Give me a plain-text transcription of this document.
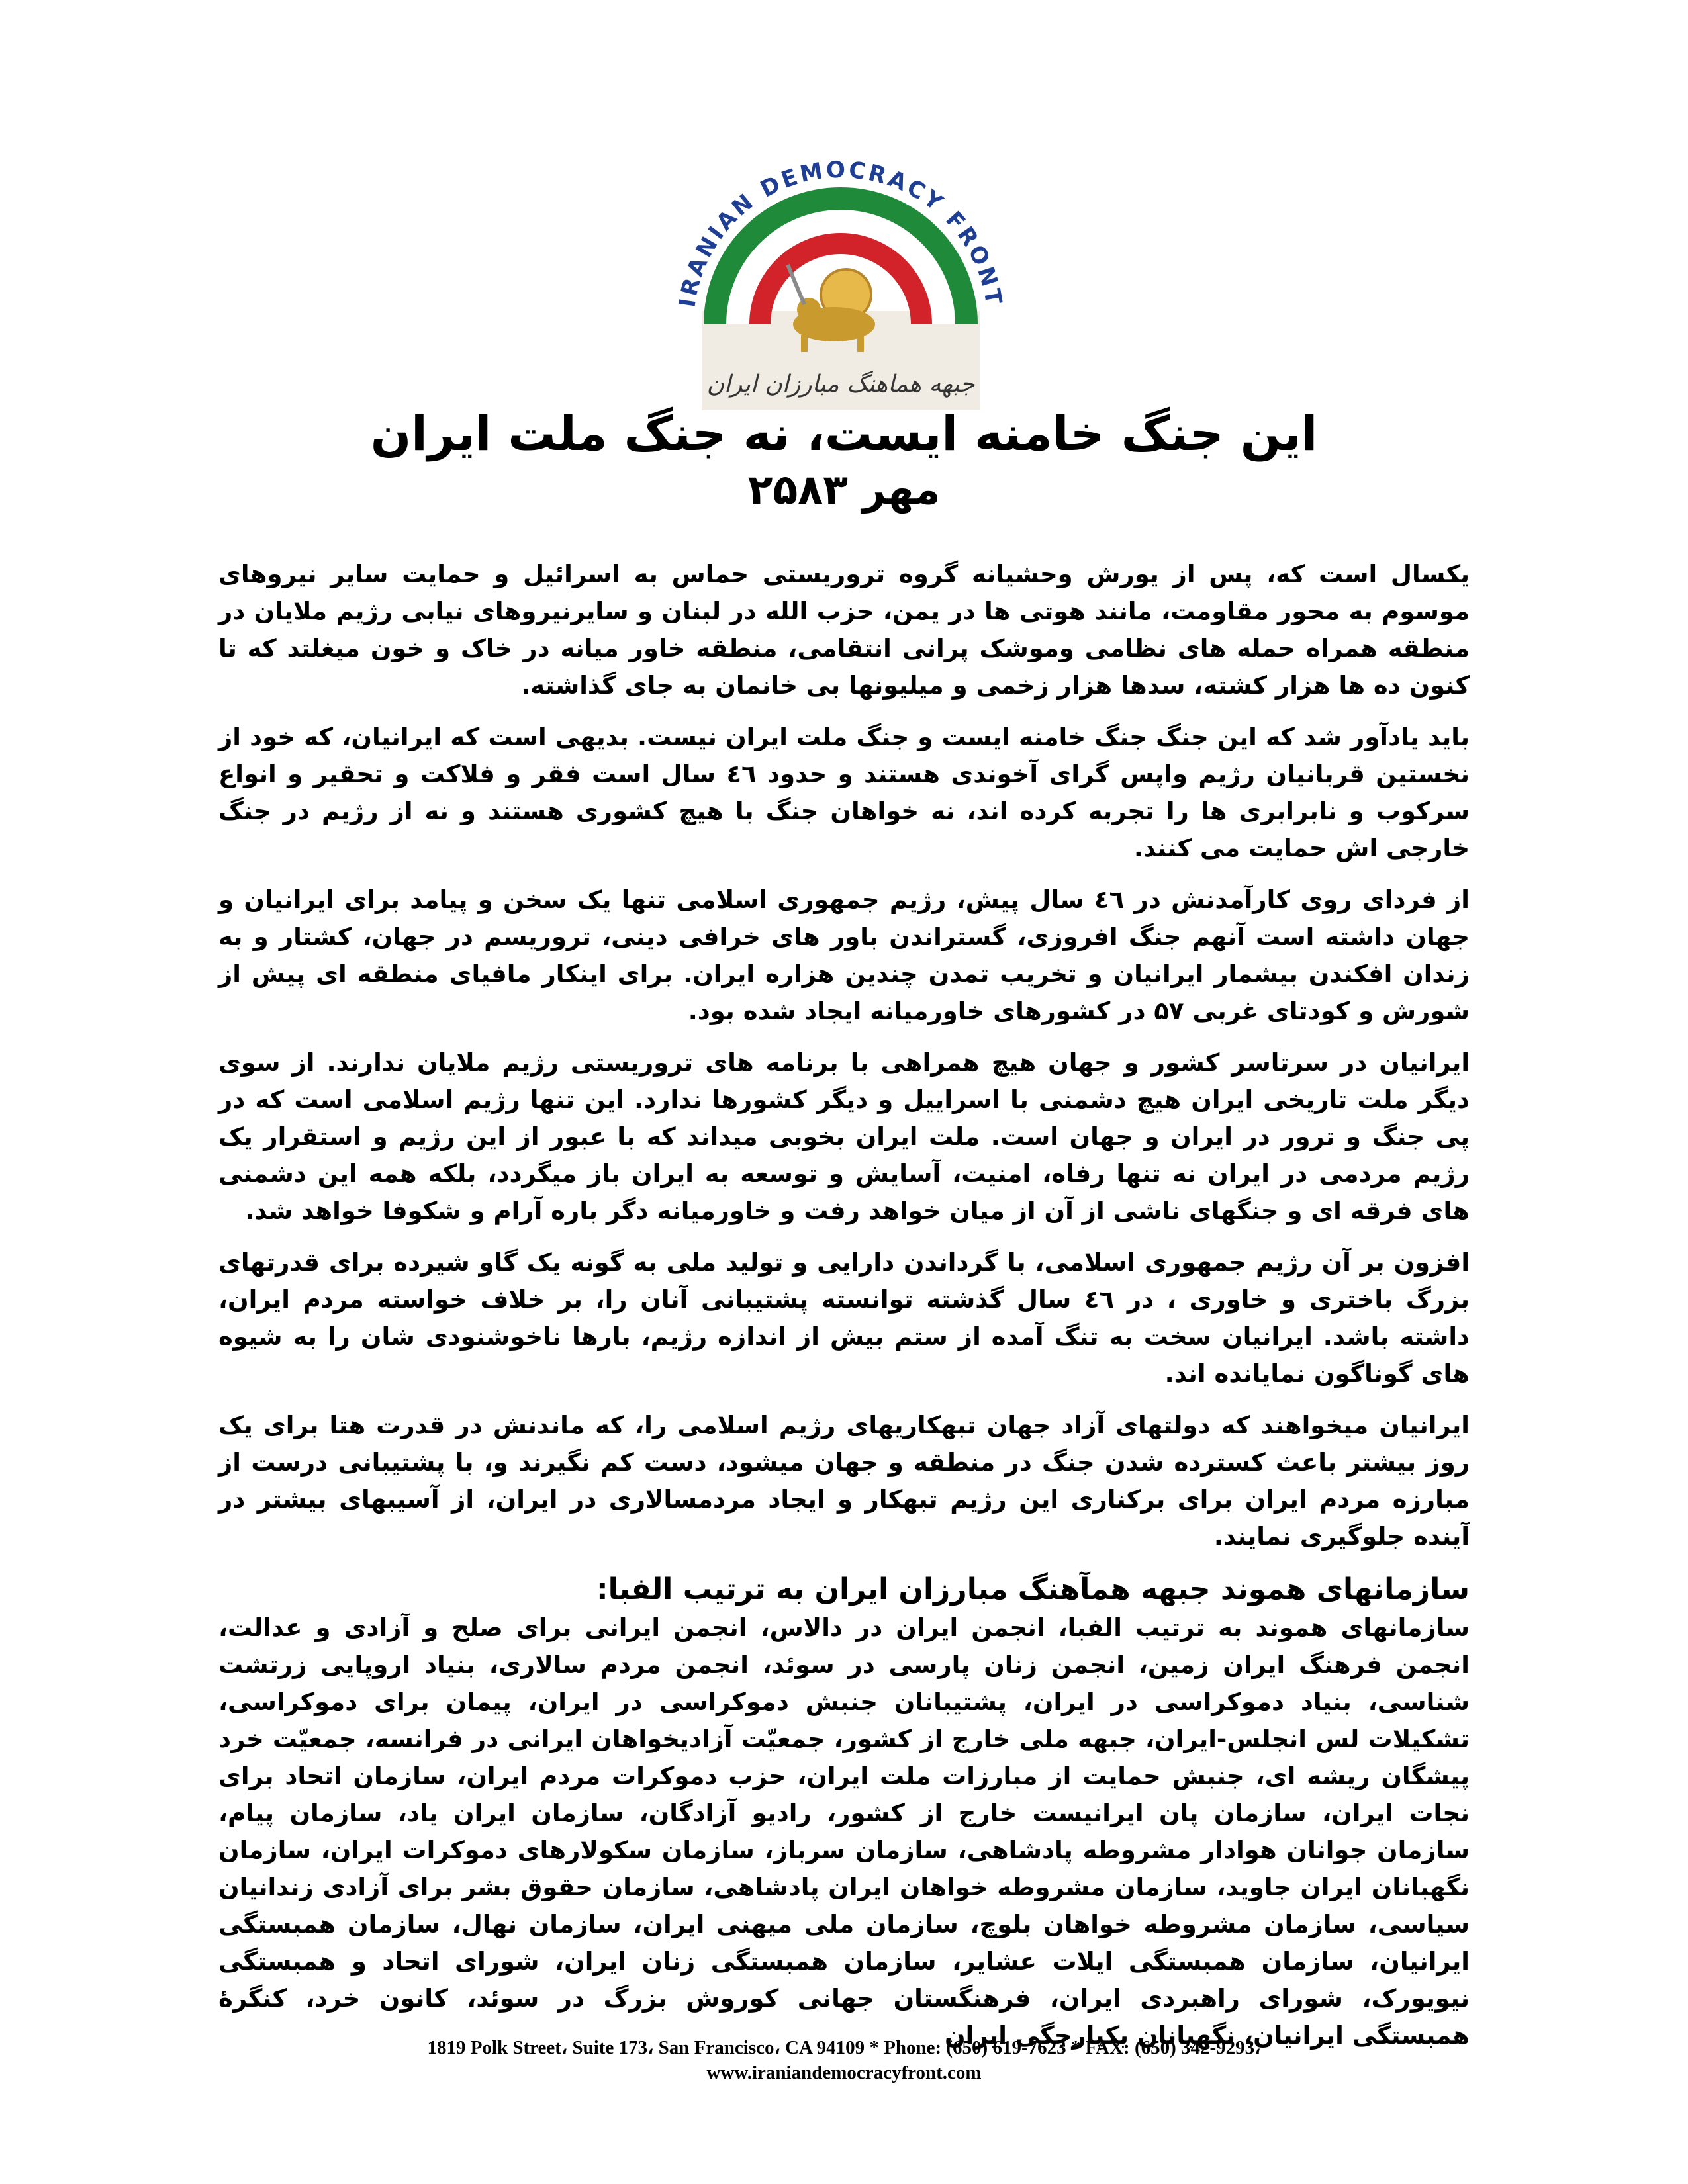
IRANIAN DEMOCRACY FRONT
جبهه هماهنگ مبارزان ایران
این جنگ خامنه ایست، نه جنگ ملت ایران
مهر ۲۵۸۳

یکسال است که، پس از یورش وحشیانه گروه تروریستی حماس به اسرائیل و حمایت سایر نیروهای موسوم به محور مقاومت، مانند هوتی ها در یمن، حزب الله در لبنان و سایرنیروهای نیابی رژیم ملایان در منطقه همراه حمله های نظامی وموشک پرانی انتقامی، منطقه خاور میانه در خاک و خون میغلتد که تا کنون ده ها هزار کشته، سدها هزار زخمی و میلیونها بی خانمان به جای گذاشته.

باید یادآور شد که این جنگ جنگ خامنه ایست و جنگ ملت ایران نیست. بدیهی است که ایرانیان، که خود از نخستین قربانیان رژیم واپس گرای آخوندی هستند و حدود ٤٦ سال است فقر و فلاکت و تحقیر و انواع سرکوب و نابرابری ها را تجربه کرده اند، نه خواهان جنگ با هیچ کشوری هستند و نه از رژیم در جنگ خارجی اش حمایت می کنند.

از فردای روی کارآمدنش در ٤٦ سال پیش، رژیم جمهوری اسلامی تنها یک سخن و پیامد برای ایرانیان و جهان داشته است آنهم جنگ افروزی، گستراندن باور های خرافی دینی، تروریسم در جهان، کشتار و به زندان افکندن بیشمار ایرانیان و تخریب تمدن چندین هزاره ایران. برای اینکار مافیای منطقه ای پیش از شورش و کودتای غربی ۵۷ در کشورهای خاورمیانه ایجاد شده بود.

ایرانیان در سرتاسر کشور و جهان هیچ همراهی با برنامه های تروریستی رژیم ملایان ندارند. از سوی دیگر ملت تاریخی ایران هیچ دشمنی با اسراییل و دیگر کشورها ندارد. این تنها رژیم اسلامی است که در پی جنگ و ترور در ایران و جهان است. ملت ایران بخوبی میداند که با عبور از این رژیم و استقرار یک رژیم مردمی در ایران نه تنها رفاه، امنیت، آسایش و توسعه به ایران باز میگردد، بلکه همه این دشمنی های فرقه ای و جنگهای ناشی از آن از میان خواهد رفت و خاورمیانه دگر باره آرام و شکوفا خواهد شد.

افزون بر آن رژیم جمهوری اسلامی، با گرداندن دارایی و تولید ملی به گونه یک گاو شیرده برای قدرتهای بزرگ باختری و خاوری ، در ٤٦ سال گذشته توانسته پشتیبانی آنان را، بر خلاف خواسته مردم ایران، داشته باشد. ایرانیان سخت به تنگ آمده از ستم بیش از اندازه رژیم، بارها ناخوشنودی شان را به شیوه های گوناگون نمایانده اند.

ایرانیان میخواهند که دولتهای آزاد جهان تبهکاریهای رژیم اسلامی را، که ماندنش در قدرت هتا برای یک روز بیشتر باعث کسترده شدن جنگ در منطقه و جهان میشود، دست کم نگیرند و، با پشتیبانی درست از مبارزه مردم ایران برای برکناری این رژیم تبهکار و ایجاد مردمسالاری در ایران، از آسیبهای بیشتر در آینده جلوگیری نمایند.

سازمانهای هموند جبهه همآهنگ مبارزان ایران به ترتیب الفبا:

سازمانهای هموند به ترتیب الفبا، انجمن ایران در دالاس، انجمن ایرانی برای صلح و آزادی و عدالت، انجمن فرهنگ ایران زمین، انجمن زنان پارسی در سوئد، انجمن مردم سالاری، بنیاد اروپایی زرتشت شناسی، بنیاد دموکراسی در ایران، پشتیبانان جنبش دموکراسی در ایران، پیمان برای دموکراسی، تشکیلات لس انجلس-ایران، جبهه ملی خارج از کشور، جمعیّت آزادیخواهان ایرانی در فرانسه، جمعیّت خرد پیشگان ریشه ای، جنبش حمایت از مبارزات ملت ایران، حزب دموکرات مردم ایران، سازمان اتحاد برای نجات ایران، سازمان پان ایرانیست خارج از کشور، رادیو آزادگان، سازمان ایران یاد، سازمان پیام، سازمان جوانان هوادار مشروطه پادشاهی، سازمان سرباز، سازمان سکولارهای دموکرات ایران، سازمان نگهبانان ایران جاوید، سازمان مشروطه خواهان ایران پادشاهی، سازمان حقوق بشر برای آزادی زندانیان سیاسی، سازمان مشروطه خواهان بلوچ، سازمان ملی میهنی ایران، سازمان نهال، سازمان همبستگی ایرانیان، سازمان همبستگی ایلات عشایر، سازمان همبستگی زنان ایران، شورای اتحاد و همبستگی نیویورک، شورای راهبردی ایران، فرهنگستان جهانی کوروش بزرگ در سوئد، کانون خرد، کنگرهٔ همبستگی ایرانیان، نگهبانان یکپارچگی ایران

1819 Polk Street، Suite 173، San Francisco، CA 94109 * Phone: (650) 619-7623 * FAX: (650) 342-9293،
www.iraniandemocracyfront.com
